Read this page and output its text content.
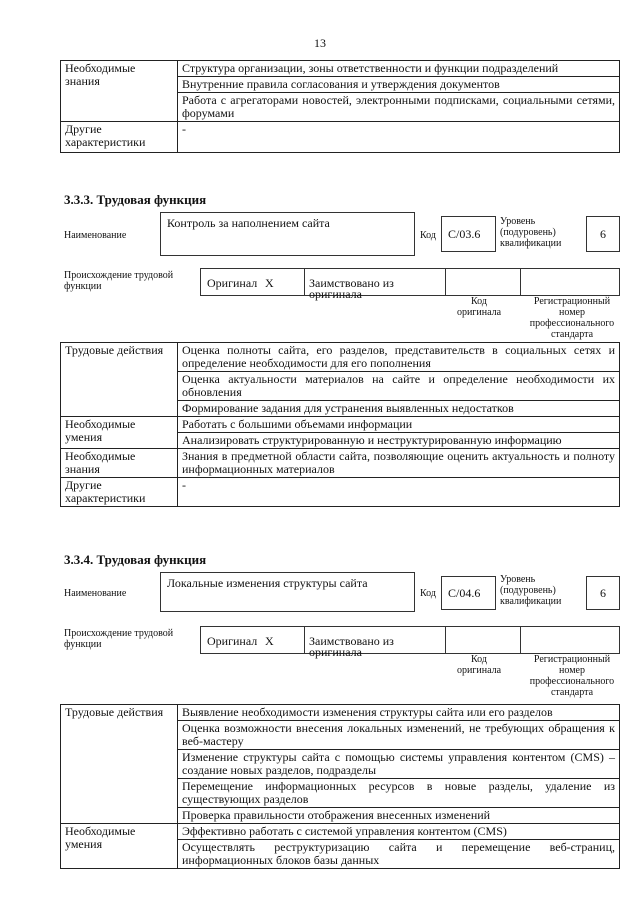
13
Необходимые знания	Структура организации, зоны ответственности и функции подразделений
	Внутренние правила согласования и утверждения документов
	Работа с агрегаторами новостей, электронными подписками, социальными сетями, форумами
Другие характеристики	-
3.3.3. Трудовая функция
Наименование
Контроль за наполнением сайта
Код C/03.6
Уровень (подуровень) квалификации
6
Происхождение трудовой функции	Оригинал X	Заимствовано из оригинала
Код оригинала
Регистрационный номер профессионального стандарта
Трудовые действия	Оценка полноты сайта, его разделов, представительств в социальных сетях и определение необходимости для его пополнения
	Оценка актуальности материалов на сайте и определение необходимости их обновления
	Формирование задания для устранения выявленных недостатков
Необходимые умения	Работать с большими объемами информации
	Анализировать структурированную и неструктурированную информацию
Необходимые знания	Знания в предметной области сайта, позволяющие оценить актуальность и полноту информационных материалов
Другие характеристики	-
3.3.4. Трудовая функция
Наименование
Локальные изменения структуры сайта
Код C/04.6
Уровень (подуровень) квалификации
6
Происхождение трудовой функции	Оригинал X	Заимствовано из оригинала
Код оригинала
Регистрационный номер профессионального стандарта
Трудовые действия	Выявление необходимости изменения структуры сайта или его разделов
	Оценка возможности внесения локальных изменений, не требующих обращения к веб-мастеру
	Изменение структуры сайта с помощью системы управления контентом (CMS) – создание новых разделов, подразделы
	Перемещение информационных ресурсов в новые разделы, удаление из существующих разделов
	Проверка правильности отображения внесенных изменений
Необходимые умения	Эффективно работать с системой управления контентом (CMS)
	Осуществлять реструктуризацию сайта и перемещение веб-страниц, информационных блоков базы данных
